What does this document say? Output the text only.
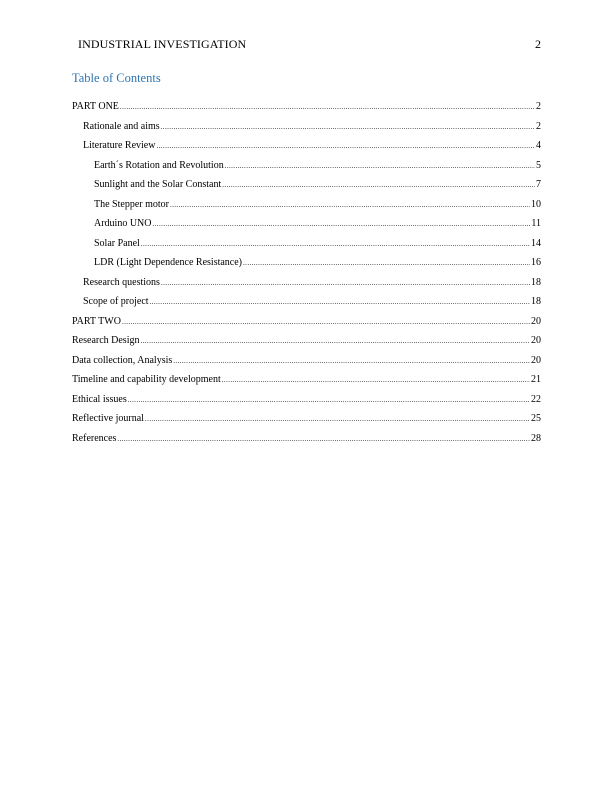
INDUSTRIAL INVESTIGATION	2
Table of Contents
PART ONE .....	2
Rationale and aims .....	2
Literature Review .....	4
Earth´s Rotation and Revolution .....	5
Sunlight and the Solar Constant .....	7
The Stepper motor .....	10
Arduino UNO .....	11
Solar Panel .....	14
LDR (Light Dependence Resistance) .....	16
Research questions .....	18
Scope of project .....	18
PART TWO .....	20
Research Design .....	20
Data collection, Analysis .....	20
Timeline and capability development .....	21
Ethical issues .....	22
Reflective journal .....	25
References .....	28
